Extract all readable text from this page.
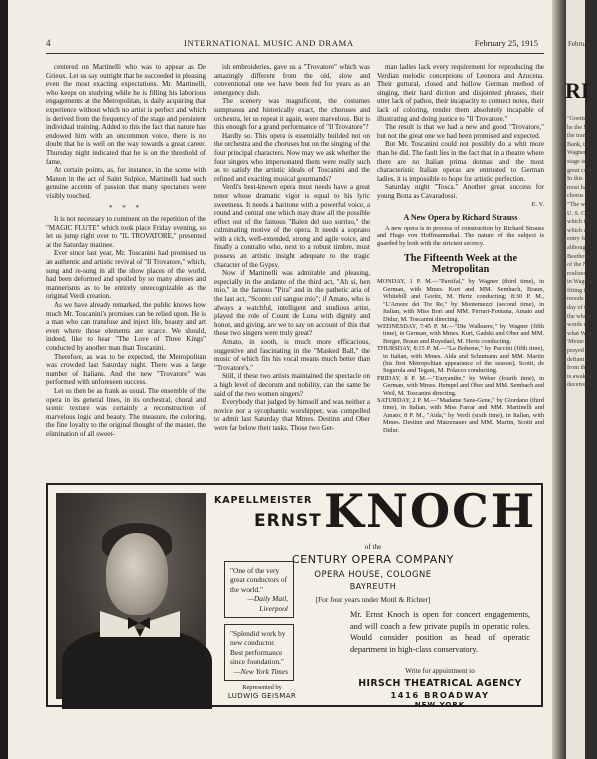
4	INTERNATIONAL MUSIC AND DRAMA	February 25, 1915

centered on Martinelli who was to appear as De Grieux. Let us say outright that he succeeded in pleasing even the most exacting expectations. Mr. Martinelli, who keeps on studying while he is filling his laborious engagements at the Metropolitan, is daily acquiring that experience without which no artist is perfect and which is derived from the frequency of the stage and persistent individual training. Added to this the fact that nature has endowed him with an uncommon voice, there is no doubt that he is well on the way towards a great career. Thursday night indicated that he is on the threshold of fame.

At certain points, as, for instance, in the scene with Manon in the act of Saint Sulpice, Martinelli had such genuine accents of passion that many spectators were visibly touched.

* * *

It is not necessary to comment on the repetition of the "MAGIC FLUTE" which took place Friday evening, so let us jump right over to "IL TROVATORE," presented at the Saturday matinee.

Ever since last year, Mr. Toscanini had promised us an authentic and artistic revival of "Il Trovatore," which, sung and re-sung in all the show places of the world, had been deformed and spoiled by so many abuses and mannerisms as to be entirely unrecognizable as the original Verdi creation.

As we have already remarked, the public knows how much Mr. Toscanini's promises can be relied upon. He is a man who can transfuse and inject life, beauty and art even where those elements are scarce. We should, indeed, like to hear "The Love of Three Kings" conducted by another man than Toscanini.

Therefore, as was to be expected, the Metropolitan was crowded last Saturday night. There was a large number of Italians. And the new "Trovatore" was performed with unforeseen success.

Let us then be as frank as usual. The ensemble of the opera in its general lines, in its orchestral, choral and scenic texture was certainly a reconstruction of marvelous logic and beauty. The measure, the coloring, the fine loyalty to the original thought of the master, the elimination of all sweet-

ish embroideries, gave us a "Trovatore" which was amazingly different from the old, slow and conventional one we have been fed for years as an emergency dish.

The scenery was magnificent, the costumes sumptuous and historically exact, the choruses and orchestra, let us repeat it again, were marvelous. But is this enough for a grand performance of "Il Trovatore"?

Hardly so. This opera is essentially builded not on the orchestra and the choruses but on the singing of the four principal characters. Now may we ask whether the four singers who impersonated them were really such as to satisfy the artistic ideals of Toscanini and the refined and exacting musical gourmands?

Verdi's best-known opera must needs have a great tenor whose dramatic vigor is equal to his lyric sweetness. It needs a baritone with a powerful voice, a round and central one which may draw all the possible effect out of the famous "Balen del suo sorriso," the culminating motive of the opera. It needs a soprano with a rich, well-extended, strong and agile voice, and finally a contralto who, next to a robust timbre, must possess an artistic insight adequate to the tragic character of the Gypsy.

Now if Martinelli was admirable and pleasing, especially in the andante of the third act, "Ah si, ben mio," in the famous "Pira" and in the pathetic aria of the last act, "Sconto col sangue mio"; if Amato, who is always a watchful, intelligent and studious artist, played the role of Count de Luna with dignity and honor, and giving, are we to say on account of this that these two singers were truly great?

Amato, in sooth, is much more efficacious, suggestive and fascinating in the "Masked Ball," the music of which fits his vocal means much better than "Trovatore's."

Still, if these two artists maintained the spectacle on a high level of decorum and nobility, can the same be said of the two women singers?

Everybody that judged by himself and was neither a novice nor a sycophantic worshipper, was compelled to admit last Saturday that Mmes. Destinn and Ober were far below their tasks. Those two Ger-

man ladies lack every requirement for reproducing the Verdian melodic conceptions of Leonora and Azucena. Their guttural, closed and hollow German method of singing, their hard diction and disjointed phrases, their utter lack of pathos, their incapacity to connect notes, their lack of coloring, render them absolutely incapable of illustrating and doing justice to "Il Trovatore."

The result is that we had a new and good "Trovatore," but not the great one we had been promised and expected.

But Mr. Toscanini could not possibly do a whit more than he did. The fault lies in the fact that in a theatre where there are no Italian prima donnas and the most characteristic Italian operas are entrusted to German ladies, it is impossible to hope for artistic perfection.

Saturday night "Tosca." Another great success for young Botta as Cavaradossi.

E. V.

A New Opera by Richard Strauss

A new opera is in process of construction by Richard Strauss and Hugo von Hoffmannsthal. The nature of the subject is guarded by both with the strictest secrecy.

The Fifteenth Week at the Metropolitan

MONDAY, 1 P. M.—"Parsifal," by Wagner (third time), in German, with Mmes. Kurt and MM. Sembach, Braun, Whitehill and Goritz, M. Hertz conducting; 8:30 P. M., "L'Amore dei Tre Re," by Montemezzi (second time), in Italian, with Miss Bori and MM. Ferrari-Fontana, Amato and Didur, M. Toscanini directing.

WEDNESDAY, 7:45 P. M.—"Die Walkuere," by Wagner (fifth time), in German, with Mmes. Kurt, Gadski and Ober and MM. Berger, Braun and Ruysdael, M. Hertz conducting.

THURSDAY, 8:15 P. M.—"La Boheme," by Puccini (fifth time), in Italian, with Mmes. Alda and Schumann and MM. Martin (his first Metropolitan appearance of the season), Scotti, de Segurola and Tegani, M. Polacco conducting.

FRIDAY, 8 P. M.—"Euryanthe," by Weber (fourth time), in German, with Mmes. Hempel and Ober and MM. Sembach and Weil, M. Toscanini directing.

SATURDAY, 2 P. M.—"Madame Sans-Gene," by Giordano (third time), in Italian, with Miss Farrar and MM. Martinelli and Amato; 8 P. M., "Aida," by Verdi (sixth time), in Italian, with Mmes. Destinn and Matzenauer and MM. Martin, Scotti and Didur.

KAPELLMEISTER
ERNST KNOCH
of the
CENTURY OPERA COMPANY
OPERA HOUSE, COLOGNE
BAYREUTH
[For four years under Mottl & Richter]
"One of the very great conductors of the world."
—Daily Mail, Liverpool
"Splendid work by new conductor. Best performance since foundation."
—New York Times
Represented by
LUDWIG GEISMAR
Mr. Ernst Knoch is open for concert engagements, and will coach a few private pupils in operatic roles. Would consider position as head of operatic department in high-class conservatory.
Write for appointment to
HIRSCH THEATRICAL AGENCY
1416 BROADWAY
NEW YORK
Februar
RI
"Goetter
he the M
the transf
Bank, the
Wagner the
stage is t
great comf
In this
most happ
chorus thou
"The wl
U. S. Cha
which th
which alw
entry fest
although t
Beethoven
of the Ni
realizes a
in Wagner
fitting in
moods and
day of th
the whole
words of
what Wag
'Meine Sen
prayed in
defiant a
from the
is awaken
deceived b
